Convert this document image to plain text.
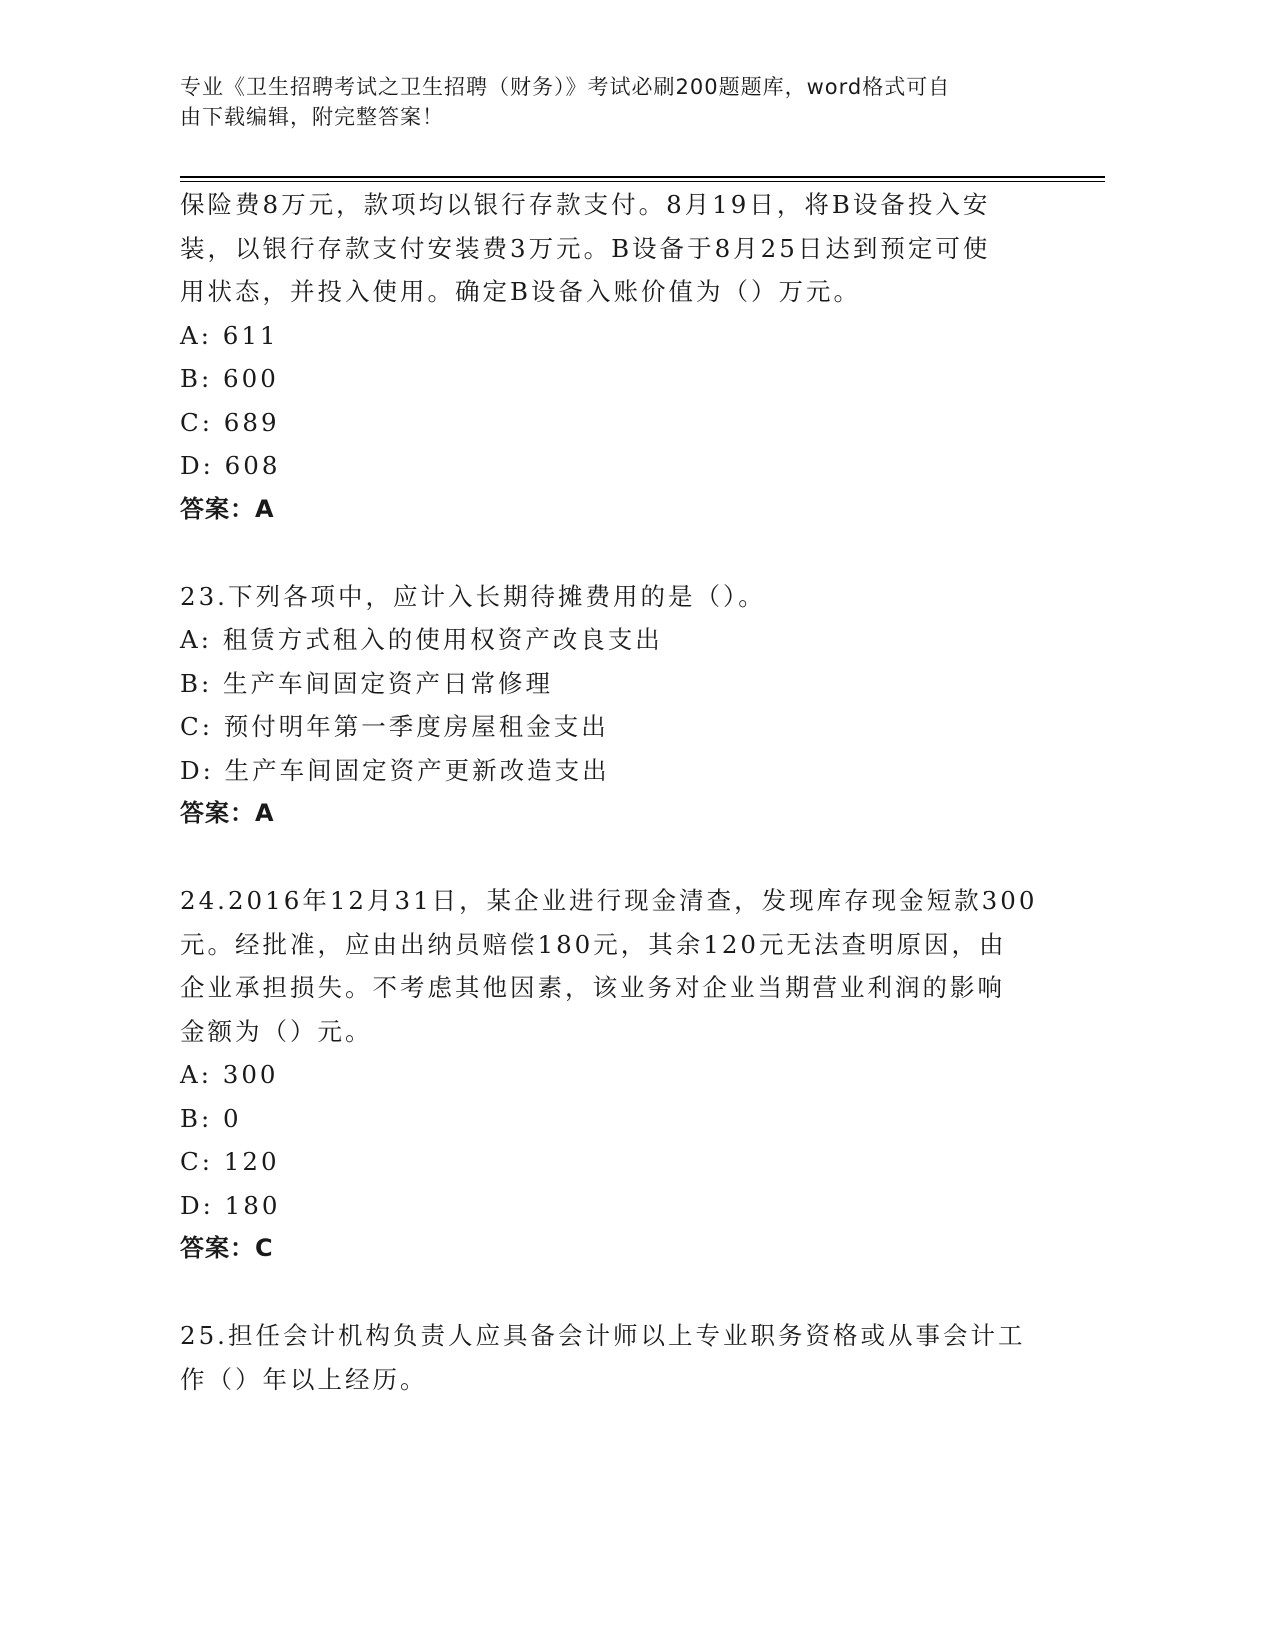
专业《卫生招聘考试之卫生招聘（财务）》考试必刷200题题库，word格式可自
由下载编辑，附完整答案！
保险费8万元，款项均以银行存款支付。8月19日，将B设备投入安
装，以银行存款支付安装费3万元。B设备于8月25日达到预定可使
用状态，并投入使用。确定B设备入账价值为（）万元。
A: 611
B: 600
C: 689
D: 608
答案：A
23.下列各项中，应计入长期待摊费用的是（）。
A: 租赁方式租入的使用权资产改良支出
B: 生产车间固定资产日常修理
C: 预付明年第一季度房屋租金支出
D: 生产车间固定资产更新改造支出
答案：A
24.2016年12月31日，某企业进行现金清查，发现库存现金短款300
元。经批准，应由出纳员赔偿180元，其余120元无法查明原因，由
企业承担损失。不考虑其他因素，该业务对企业当期营业利润的影响
金额为（）元。
A: 300
B: 0
C: 120
D: 180
答案：C
25.担任会计机构负责人应具备会计师以上专业职务资格或从事会计工
作（）年以上经历。
